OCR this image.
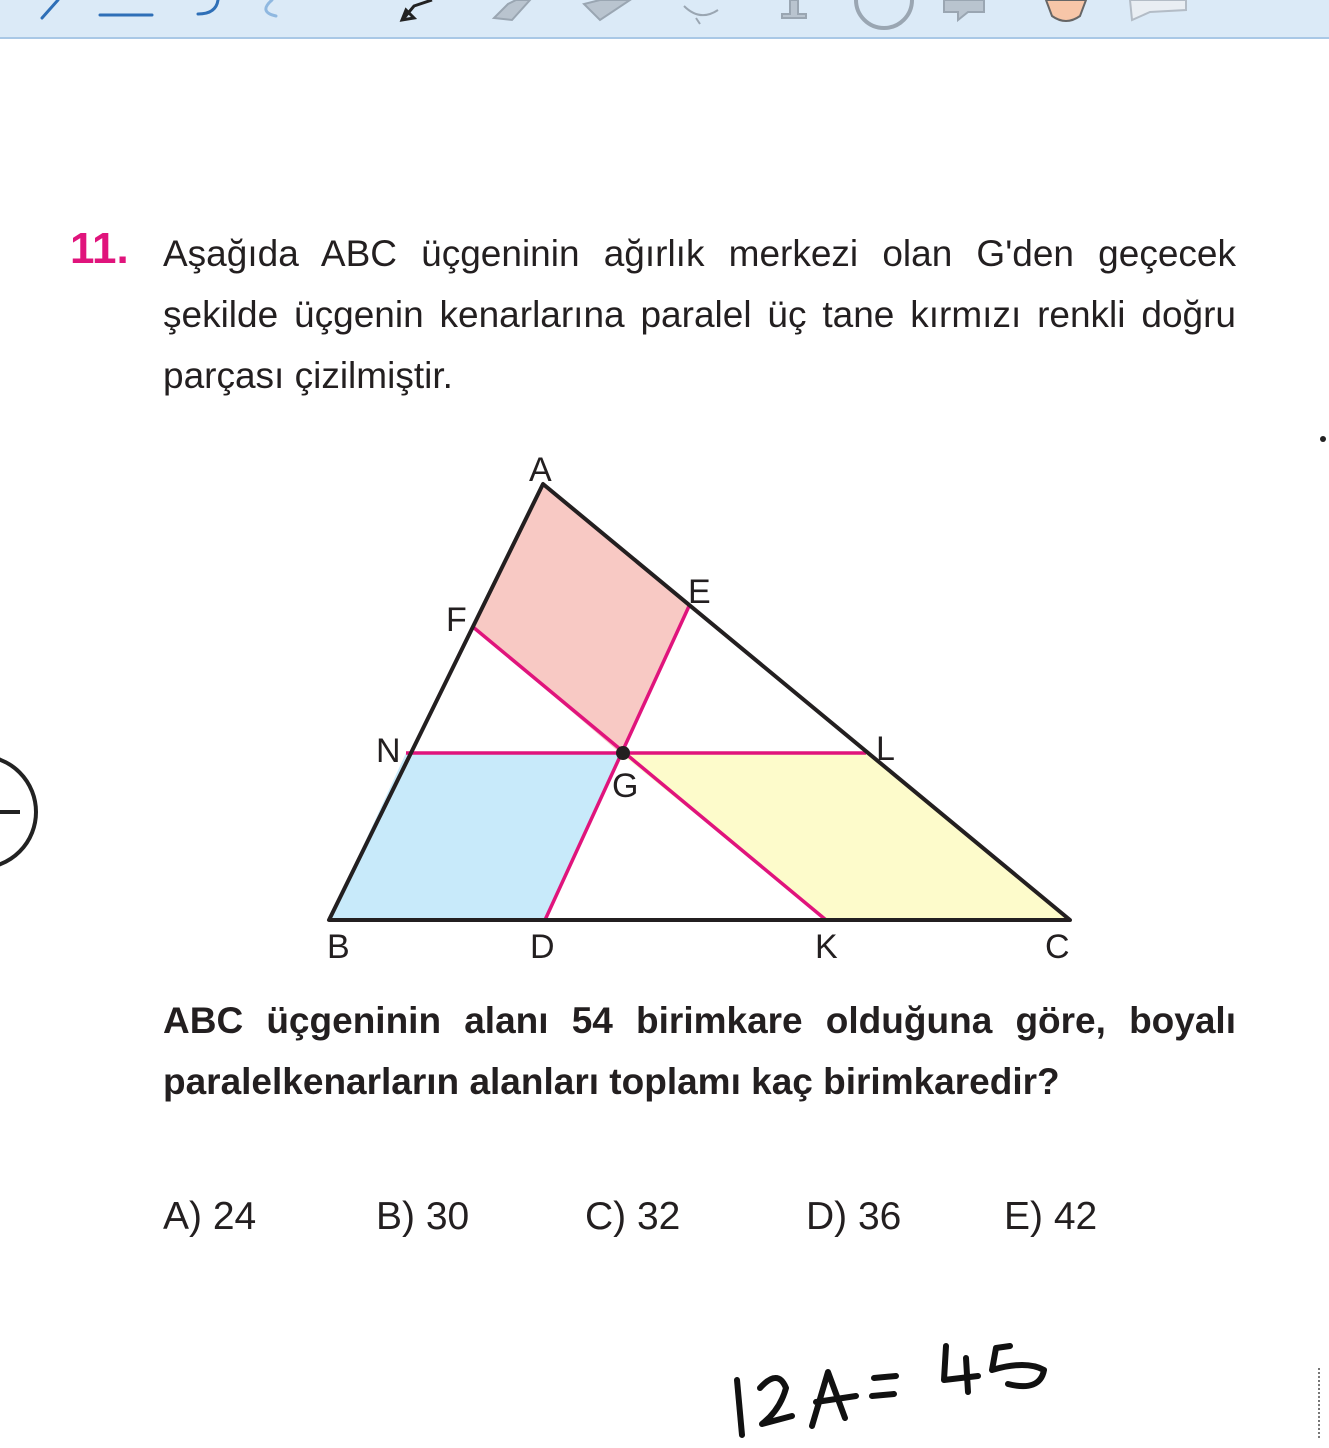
11. Aşağıda ABC üçgeninin ağırlık merkezi olan G'den geçecek şekilde üçgenin kenarlarına paralel üç tane kırmızı renkli doğru parçası çizilmiştir.

A
E
F
N	L
G
B	D	K	C

ABC üçgeninin alanı 54 birimkare olduğuna göre, boyalı paralelkenarların alanları toplamı kaç birimkaredir?

A) 24	B) 30	C) 32	D) 36	E) 42
